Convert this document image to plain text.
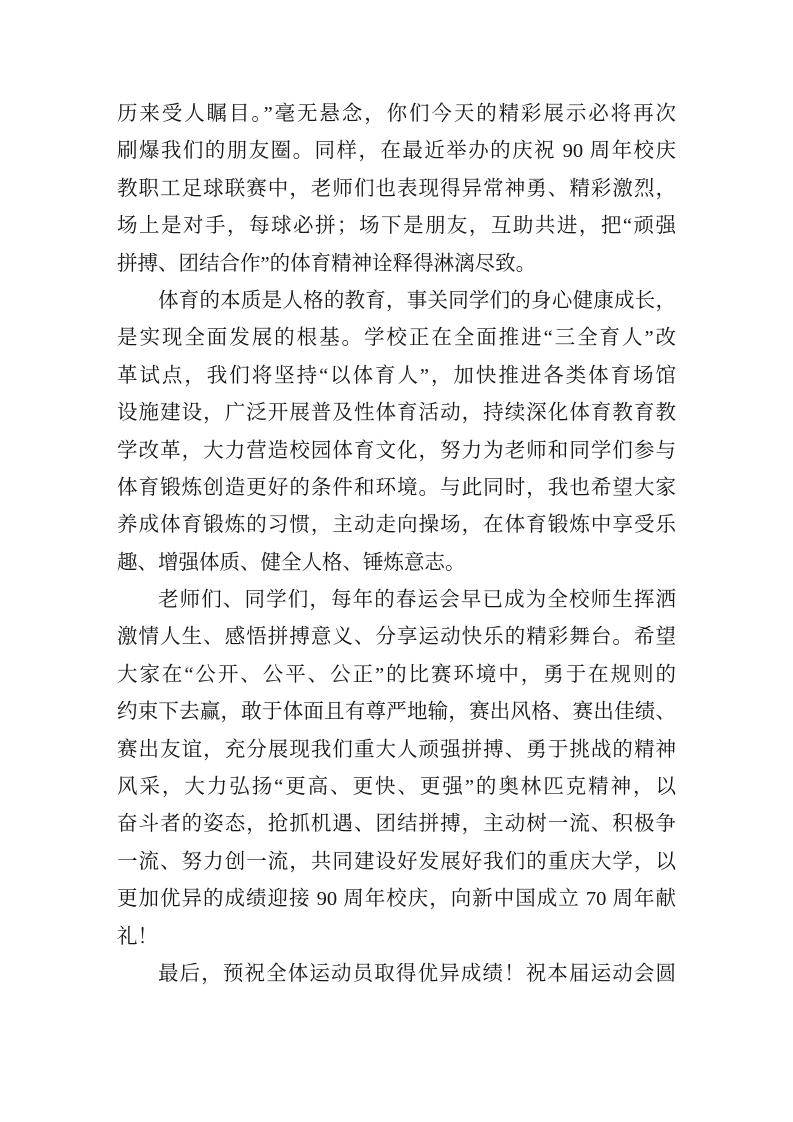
历来受人瞩目。”毫无悬念，你们今天的精彩展示必将再次
刷爆我们的朋友圈。同样，在最近举办的庆祝 90 周年校庆
教职工足球联赛中，老师们也表现得异常神勇、精彩激烈，
场上是对手，每球必拼；场下是朋友，互助共进，把“顽强
拼搏、团结合作”的体育精神诠释得淋漓尽致。
体育的本质是人格的教育，事关同学们的身心健康成长，
是实现全面发展的根基。学校正在全面推进“三全育人”改
革试点，我们将坚持“以体育人”，加快推进各类体育场馆
设施建设，广泛开展普及性体育活动，持续深化体育教育教
学改革，大力营造校园体育文化，努力为老师和同学们参与
体育锻炼创造更好的条件和环境。与此同时，我也希望大家
养成体育锻炼的习惯，主动走向操场，在体育锻炼中享受乐
趣、增强体质、健全人格、锤炼意志。
老师们、同学们，每年的春运会早已成为全校师生挥洒
激情人生、感悟拼搏意义、分享运动快乐的精彩舞台。希望
大家在“公开、公平、公正”的比赛环境中，勇于在规则的
约束下去赢，敢于体面且有尊严地输，赛出风格、赛出佳绩、
赛出友谊，充分展现我们重大人顽强拼搏、勇于挑战的精神
风采，大力弘扬“更高、更快、更强”的奥林匹克精神，以
奋斗者的姿态，抢抓机遇、团结拼搏，主动树一流、积极争
一流、努力创一流，共同建设好发展好我们的重庆大学，以
更加优异的成绩迎接 90 周年校庆，向新中国成立 70 周年献
礼！
最后，预祝全体运动员取得优异成绩！祝本届运动会圆
